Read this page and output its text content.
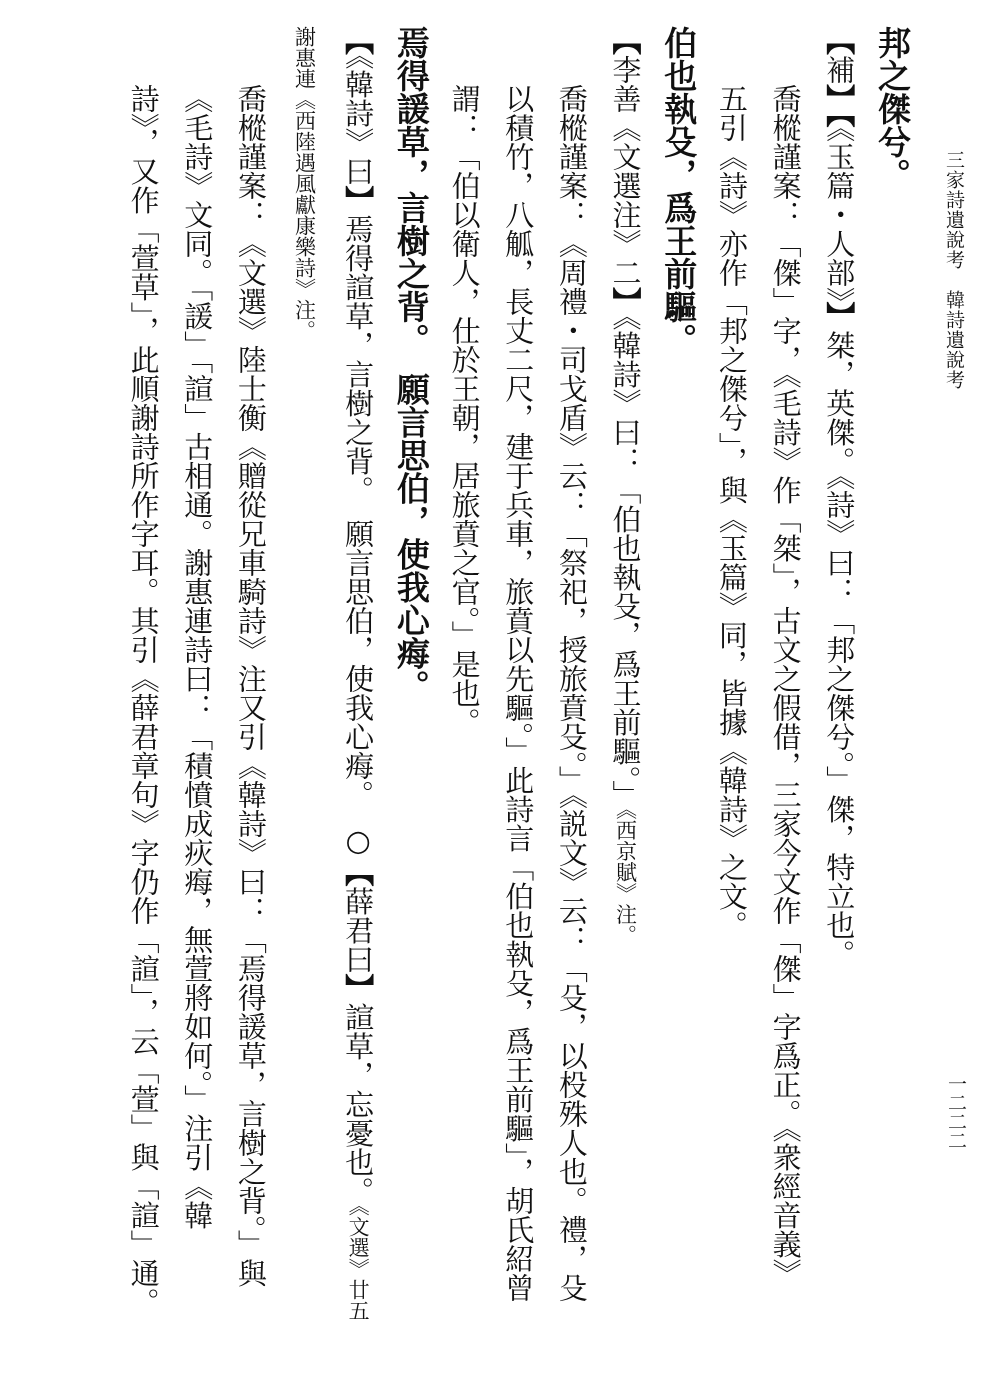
三家詩遺說考　韓詩遺說考
一二二二
邦之傑兮。
【補】【《玉篇・人部》】桀，英傑。《詩》曰：「邦之傑兮。」傑，特立也。
喬樅謹案：「傑」字，《毛詩》作「桀」，古文之假借，三家今文作「傑」字爲正。《衆經音義》
五引《詩》亦作「邦之傑兮」，與《玉篇》同，皆據《韓詩》之文。
伯也執殳，爲王前驅。
【李善《文選注》二】《韓詩》曰：「伯也執殳，爲王前驅。」《西京賦》注。
喬樅謹案：《周禮・司戈盾》云：「祭祀，授旅賁殳。」《説文》云：「殳，以杸殊人也。禮，殳
以積竹，八觚，長丈二尺，建于兵車，旅賁以先驅。」此詩言「伯也執殳，爲王前驅」，胡氏紹曾
謂：「伯以衛人，仕於王朝，居旅賁之官。」是也。
焉得諼草，言樹之背。　願言思伯，使我心痗。
【《韓詩》曰】焉得諠草，言樹之背。　願言思伯，使我心痗。　○【薛君曰】諠草，忘憂也。《文選》廿五
謝惠連《西陸遇風獻康樂詩》注。
喬樅謹案：《文選》陸士衡《贈從兄車騎詩》注又引《韓詩》曰：「焉得諼草，言樹之背。」與
《毛詩》文同。「諼」「諠」古相通。謝惠連詩曰：「積憤成疢痗，無萱將如何。」注引《韓
詩》，又作「萱草」，此順謝詩所作字耳。其引《薛君章句》字仍作「諠」，云「萱」與「諠」通。
